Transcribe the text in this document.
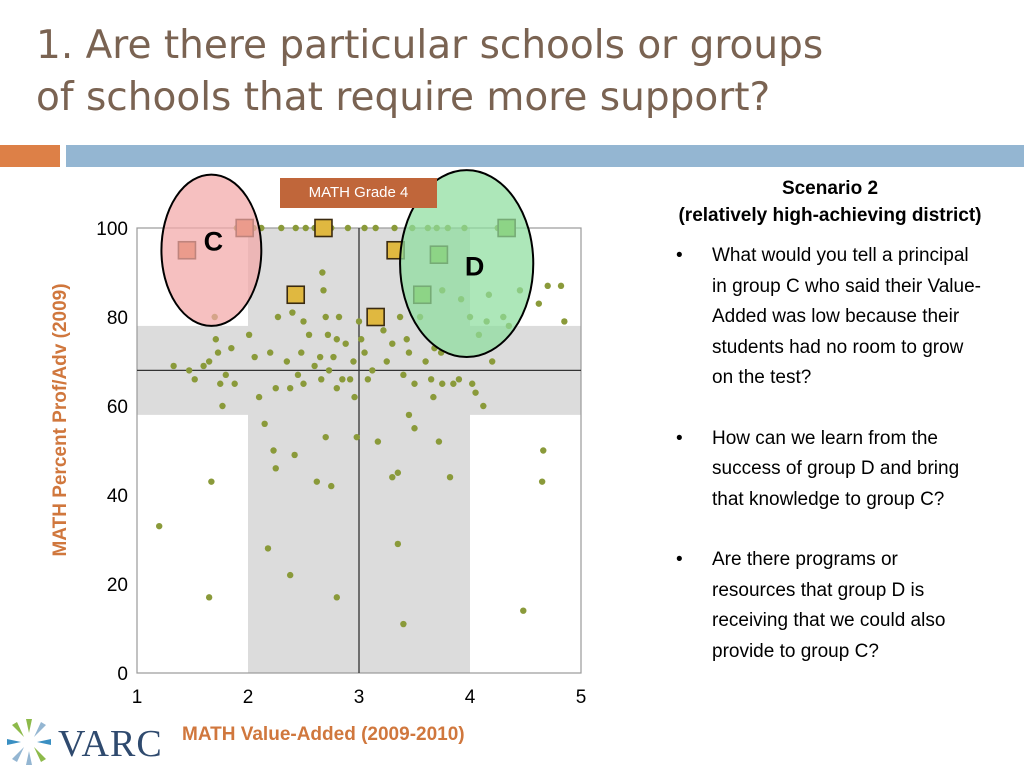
1. Are there particular schools or groups
of schools that require more support?
1	2	3	4	5
0
20
40
60
80
100	C
D
MATH Grade 4
MATH Percent Prof/Adv (2009)
MATH Value-Added (2009-2010)
Scenario 2
(relatively high-achieving district)
• What would you tell a principal in group C who said their Value-Added was low because their students had no room to grow on the test?
• How can we learn from the success of group D and bring that knowledge to group C?
• Are there programs or resources that group D is receiving that we could also provide to group C?
VARC
